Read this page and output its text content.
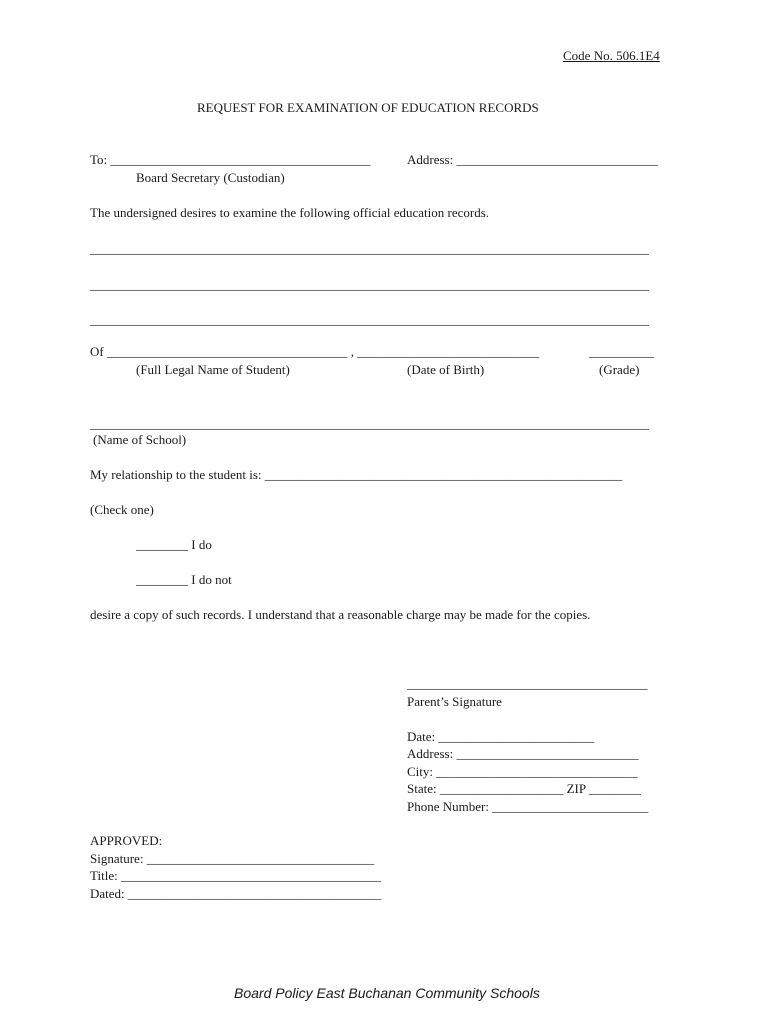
Code No. 506.1E4
REQUEST FOR EXAMINATION OF EDUCATION RECORDS
To: ________________________________________	Address: _______________________________
Board Secretary (Custodian)
The undersigned desires to examine the following official education records.
______________________________________________________________________________________
______________________________________________________________________________________
______________________________________________________________________________________
Of _____________________________________ , ____________________________	__________
(Full Legal Name of Student)	(Date of Birth)	(Grade)
______________________________________________________________________________________
(Name of School)
My relationship to the student is: _______________________________________________________
(Check one)
________ I do
________ I do not
desire a copy of such records. I understand that a reasonable charge may be made for the copies.
_____________________________________
Parent’s Signature
Date: ________________________
Address: ____________________________
City: _______________________________
State: ___________________ ZIP ________
Phone Number: ________________________
APPROVED:
Signature: ___________________________________
Title: ________________________________________
Dated: _______________________________________
Board Policy East Buchanan Community Schools
